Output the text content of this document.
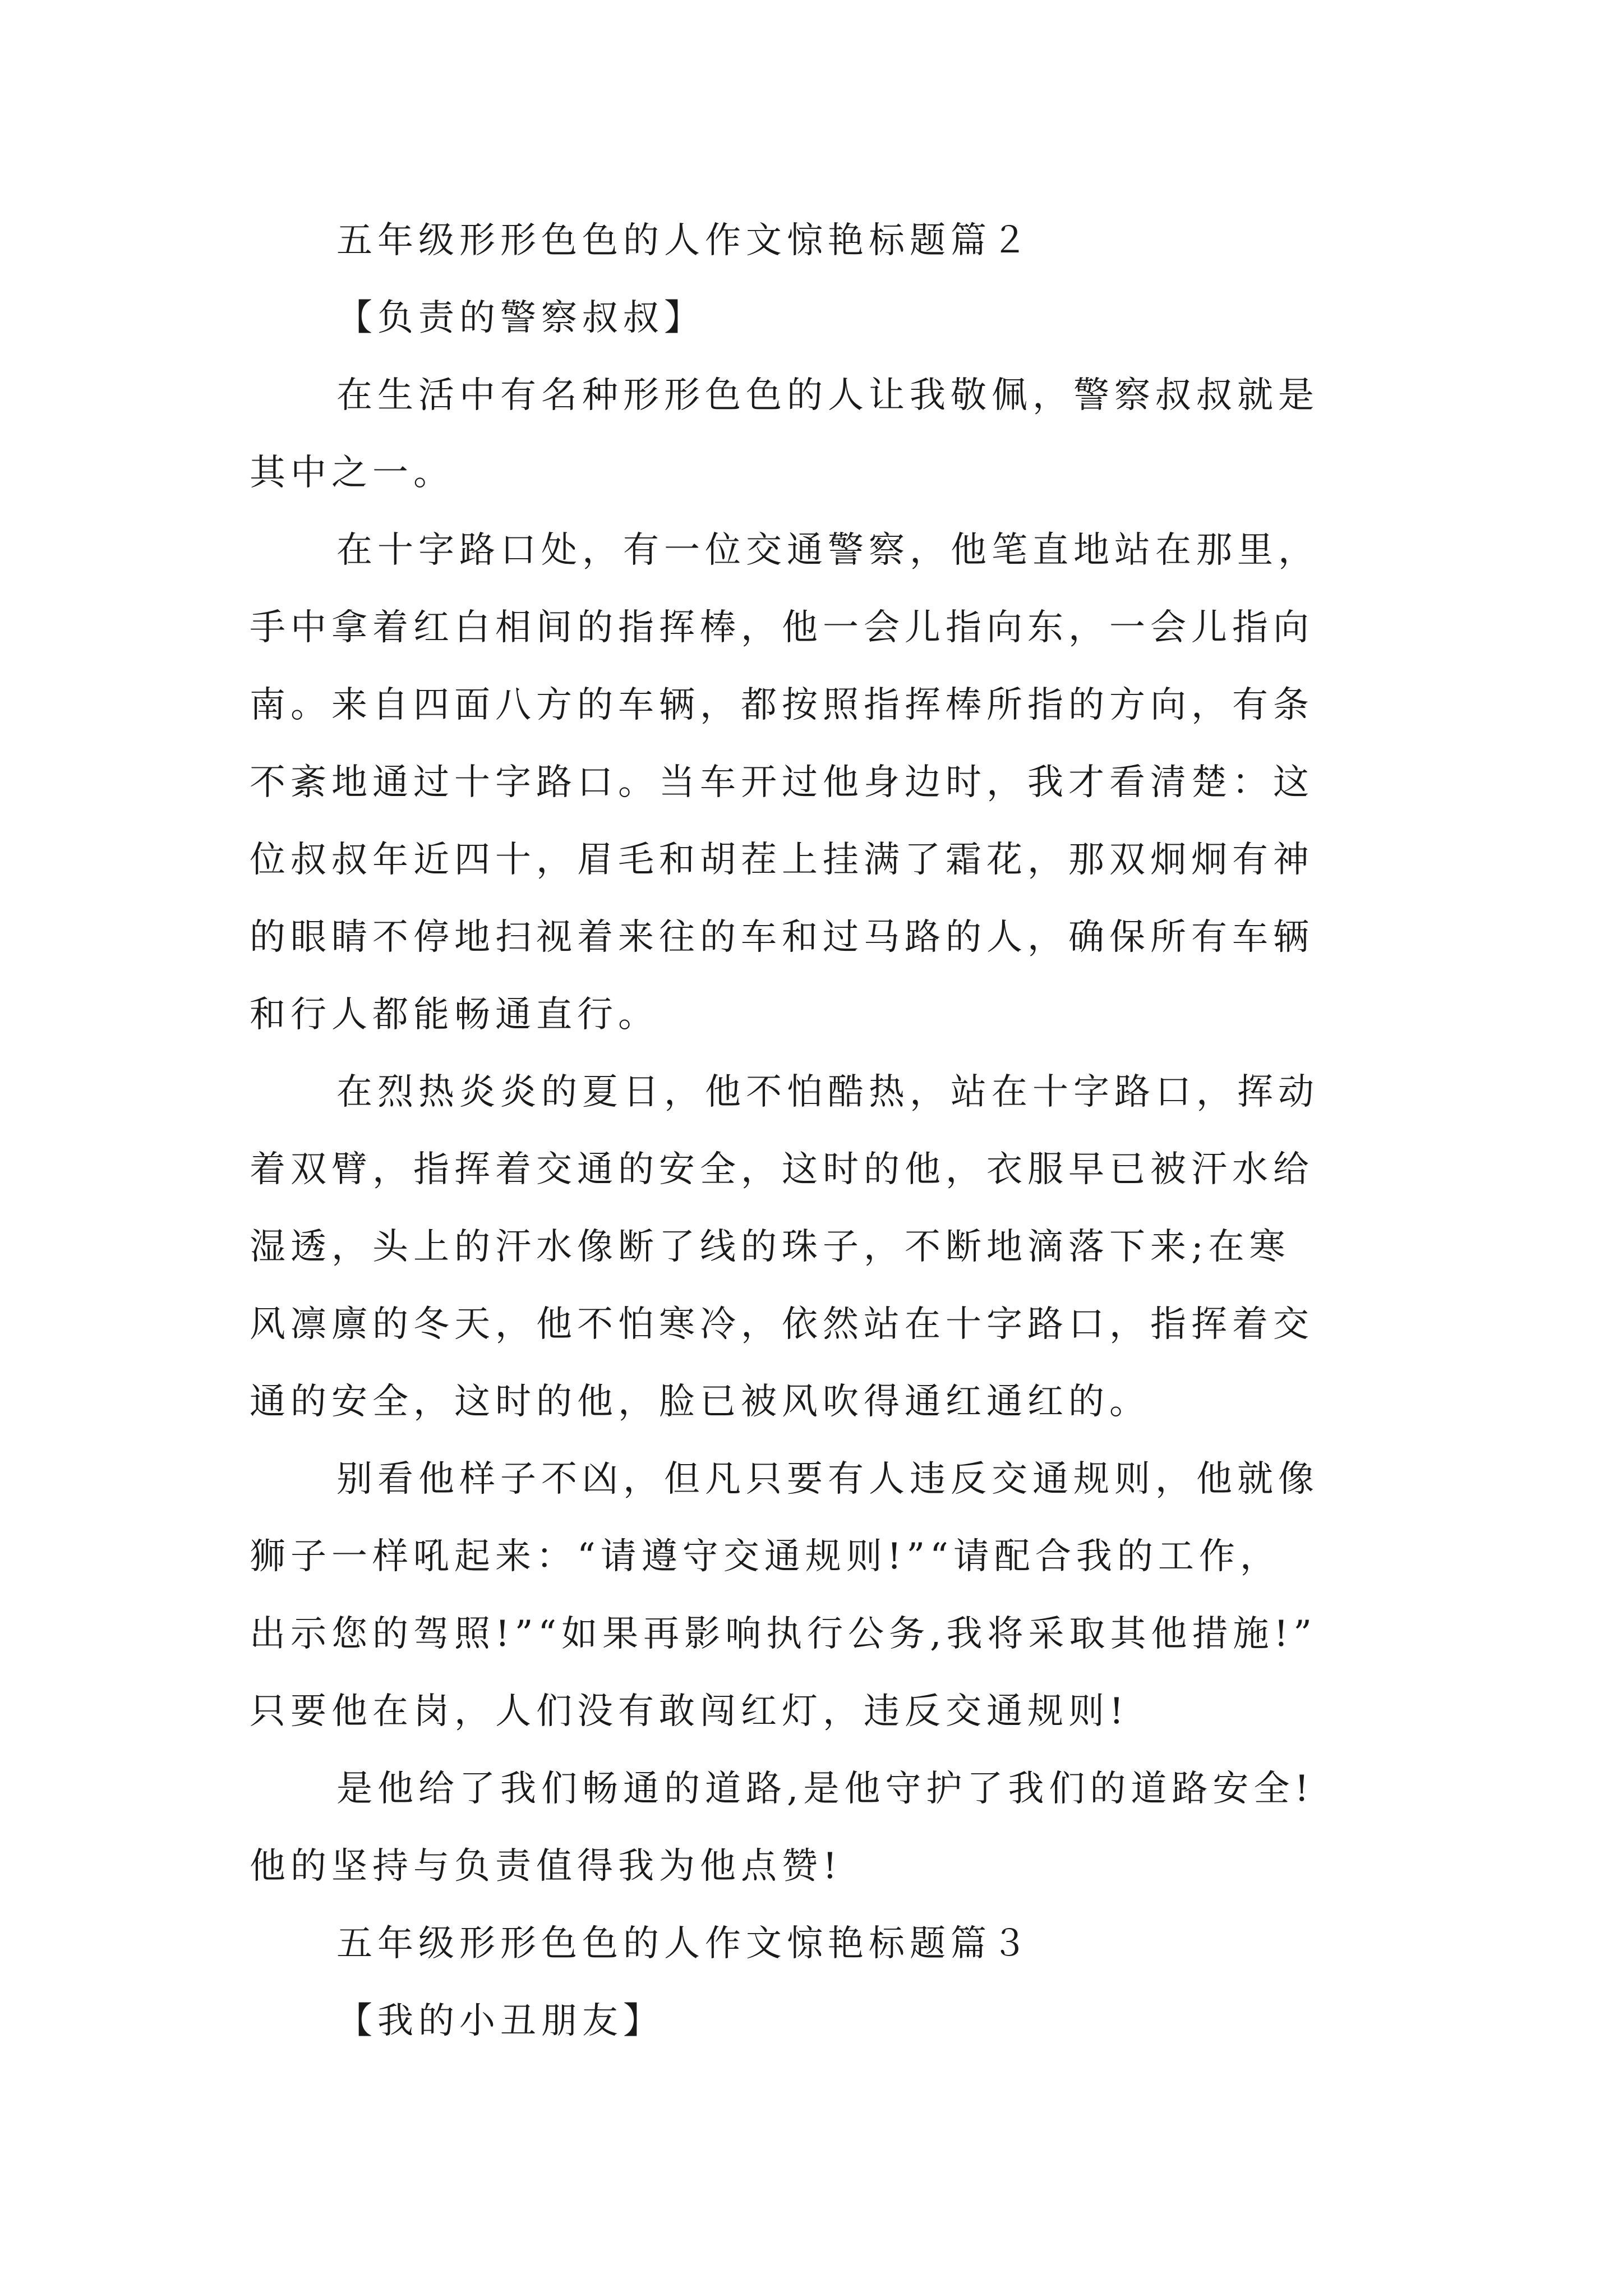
五年级形形色色的人作文惊艳标题篇２
【负责的警察叔叔】
在生活中有名种形形色色的人让我敬佩，警察叔叔就是
其中之一。
在十字路口处，有一位交通警察，他笔直地站在那里，
手中拿着红白相间的指挥棒，他一会儿指向东，一会儿指向
南。来自四面八方的车辆，都按照指挥棒所指的方向，有条
不紊地通过十字路口。当车开过他身边时，我才看清楚：这
位叔叔年近四十，眉毛和胡茬上挂满了霜花，那双炯炯有神
的眼睛不停地扫视着来往的车和过马路的人，确保所有车辆
和行人都能畅通直行。
在烈热炎炎的夏日，他不怕酷热，站在十字路口，挥动
着双臂，指挥着交通的安全，这时的他，衣服早已被汗水给
湿透，头上的汗水像断了线的珠子，不断地滴落下来;在寒
风凛廪的冬天，他不怕寒冷，依然站在十字路口，指挥着交
通的安全，这时的他，脸已被风吹得通红通红的。
别看他样子不凶，但凡只要有人违反交通规则，他就像
狮子一样吼起来：“请遵守交通规则!”“请配合我的工作，
出示您的驾照!”“如果再影响执行公务,我将采取其他措施!”
只要他在岗，人们没有敢闯红灯，违反交通规则!
是他给了我们畅通的道路,是他守护了我们的道路安全!
他的坚持与负责值得我为他点赞!
五年级形形色色的人作文惊艳标题篇３
【我的小丑朋友】
